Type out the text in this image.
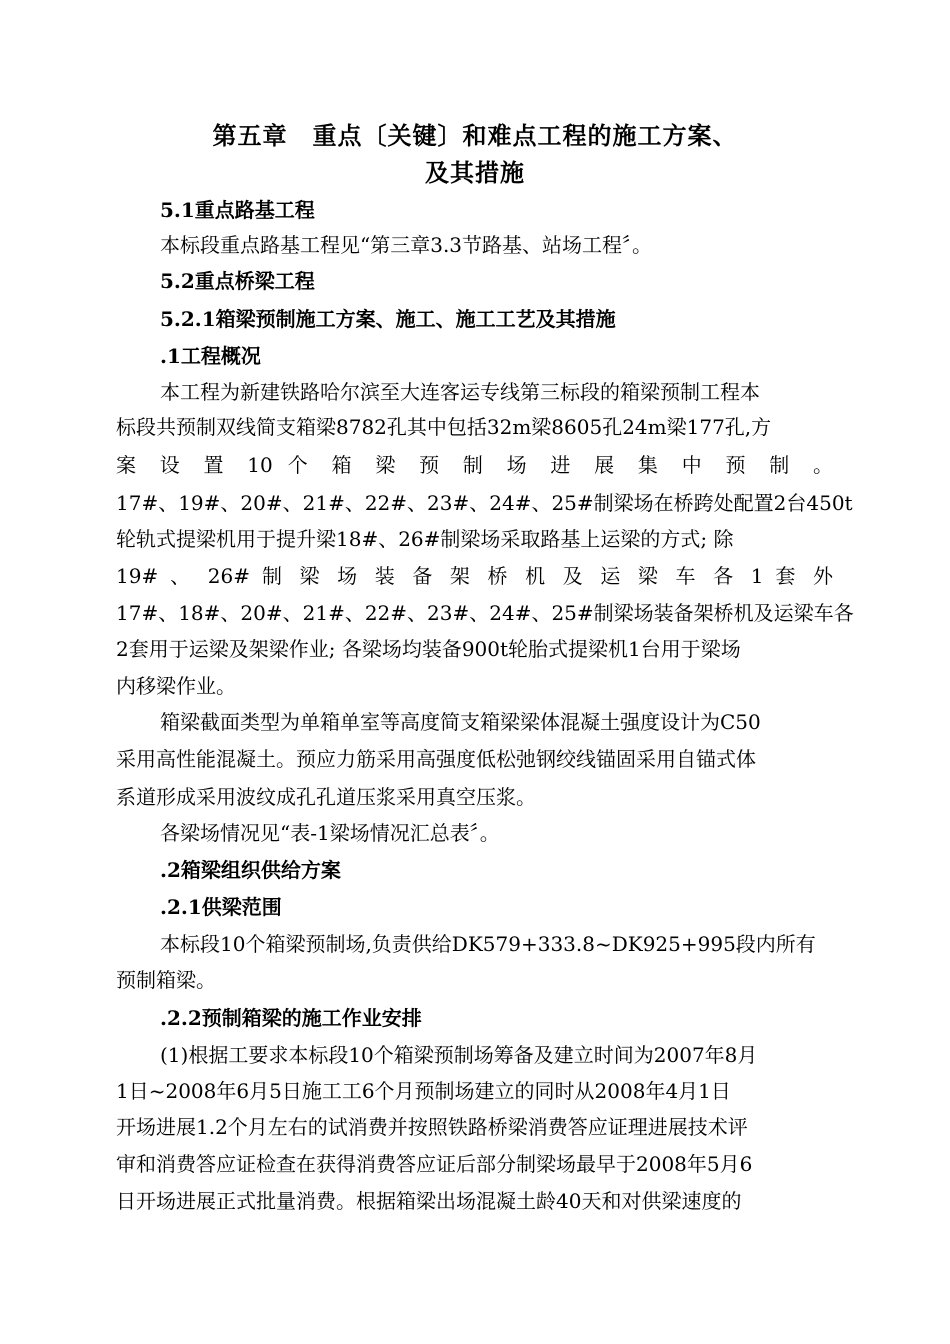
第五章　重点〔关键〕和难点工程的施工方案、
及其措施
5.1重点路基工程
本标段重点路基工程见“第三章3.3节路基、站场工程〞。
5.2重点桥梁工程
5.2.1箱梁预制施工方案、施工、施工工艺及其措施
.1工程概况
本工程为新建铁路哈尔滨至大连客运专线第三标段的箱梁预制工程本
标段共预制双线简支箱梁8782孔其中包括32m梁8605孔24m梁177孔,方
案 设 置 10 个 箱 梁 预 制 场 进 展 集 中 预 制 。
17#、19#、20#、21#、22#、23#、24#、25#制梁场在桥跨处配置2台450t
轮轨式提梁机用于提升梁18#、26#制梁场采取路基上运梁的方式; 除
19# 、 26# 制 梁 场 装 备 架 桥 机 及 运 梁 车 各 1 套 外
17#、18#、20#、21#、22#、23#、24#、25#制梁场装备架桥机及运梁车各
2套用于运梁及架梁作业; 各梁场均装备900t轮胎式提梁机1台用于梁场
内移梁作业。
箱梁截面类型为单箱单室等高度简支箱梁梁体混凝土强度设计为C50
采用高性能混凝土。预应力筋采用高强度低松弛钢绞线锚固采用自锚式体
系道形成采用波纹成孔孔道压浆采用真空压浆。
各梁场情况见“表-1梁场情况汇总表〞。
.2箱梁组织供给方案
.2.1供梁范围
本标段10个箱梁预制场,负责供给DK579+333.8~DK925+995段内所有
预制箱梁。
.2.2预制箱梁的施工作业安排
(1)根据工要求本标段10个箱梁预制场筹备及建立时间为2007年8月
1日~2008年6月5日施工工6个月预制场建立的同时从2008年4月1日
开场进展1.2个月左右的试消费并按照铁路桥梁消费答应证理进展技术评
审和消费答应证检查在获得消费答应证后部分制梁场最早于2008年5月6
日开场进展正式批量消费。根据箱梁出场混凝土龄40天和对供梁速度的
